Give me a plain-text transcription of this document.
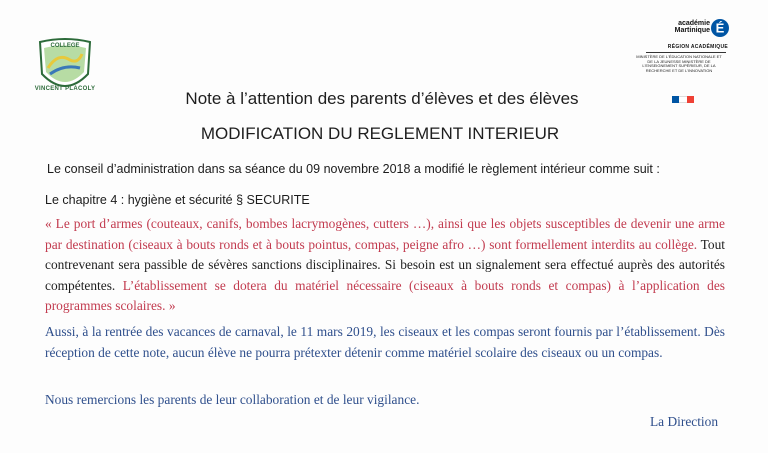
COLLEGE
VINCENT PLACOLY
académie
Martinique É
RÉGION ACADÉMIQUE
MINISTÈRE DE L'ÉDUCATION NATIONALE ET DE LA JEUNESSE MINISTÈRE DE L'ENSEIGNEMENT SUPÉRIEUR, DE LA RECHERCHE ET DE L'INNOVATION
Note à l’attention des parents d’élèves et des élèves
MODIFICATION DU REGLEMENT INTERIEUR
Le conseil d’administration dans sa séance du 09 novembre 2018 a modifié le règlement intérieur comme suit :
Le chapitre 4 : hygiène et sécurité § SECURITE
« Le port d’armes (couteaux, canifs, bombes lacrymogènes, cutters …), ainsi que les objets susceptibles de devenir une arme par destination (ciseaux à bouts ronds et à bouts pointus, compas, peigne afro …) sont formellement interdits au collège. Tout contrevenant sera passible de sévères sanctions disciplinaires. Si besoin est un signalement sera effectué auprès des autorités compétentes. L’établissement se dotera du matériel nécessaire (ciseaux à bouts ronds et compas) à l’application des programmes scolaires. »
Aussi, à la rentrée des vacances de carnaval, le 11 mars 2019, les ciseaux et les compas seront fournis par l’établissement. Dès réception de cette note, aucun élève ne pourra prétexter détenir comme matériel scolaire des ciseaux ou un compas.
Nous remercions les parents de leur collaboration et de leur vigilance.
La Direction
